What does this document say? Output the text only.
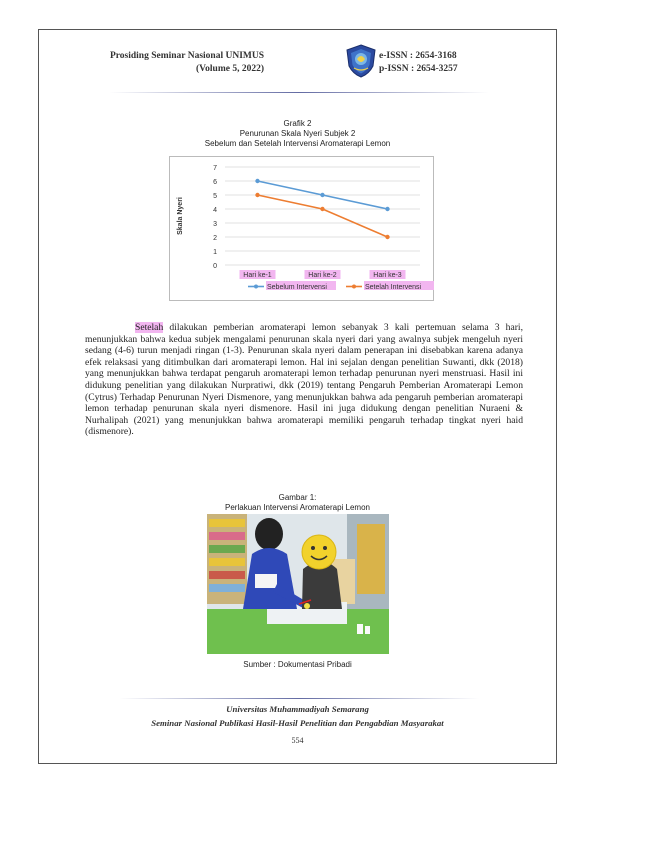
Prosiding Seminar Nasional UNIMUS
(Volume 5, 2022)
e-ISSN : 2654-3168
p-ISSN : 2654-3257
Grafik 2
Penurunan Skala Nyeri Subjek 2
Sebelum dan Setelah Intervensi Aromaterapi Lemon
0
1
2
3
4
5
6
7
Skala Nyeri
Hari ke-1	Hari ke-2	Hari ke-3
Sebelum Intervensi	Setelah Intervensi

Setelah dilakukan pemberian aromaterapi lemon sebanyak 3 kali pertemuan selama 3 hari, menunjukkan bahwa kedua subjek mengalami penurunan skala nyeri dari yang awalnya subjek mengeluh nyeri sedang (4-6) turun menjadi ringan (1-3). Penurunan skala nyeri dalam penerapan ini disebabkan karena adanya efek relaksasi yang ditimbulkan dari aromaterapi lemon. Hal ini sejalan dengan penelitian Suwanti, dkk (2018) yang menunjukkan bahwa terdapat pengaruh aromaterapi lemon terhadap penurunan nyeri menstruasi. Hasil ini didukung penelitian yang dilakukan Nurpratiwi, dkk (2019) tentang Pengaruh Pemberian Aromaterapi Lemon (Cytrus) Terhadap Penurunan Nyeri Dismenore, yang menunjukkan bahwa ada pengaruh pemberian aromaterapi lemon terhadap penurunan skala nyeri dismenore. Hasil ini juga didukung dengan penelitian Nuraeni & Nurhalipah (2021) yang menunjukkan bahwa aromaterapi memiliki pengaruh terhadap tingkat nyeri haid (dismenore).

Gambar 1:
Perlakuan Intervensi Aromaterapi Lemon
Sumber : Dokumentasi Pribadi
Universitas Muhammadiyah Semarang
Seminar Nasional Publikasi Hasil-Hasil Penelitian dan Pengabdian Masyarakat
554
